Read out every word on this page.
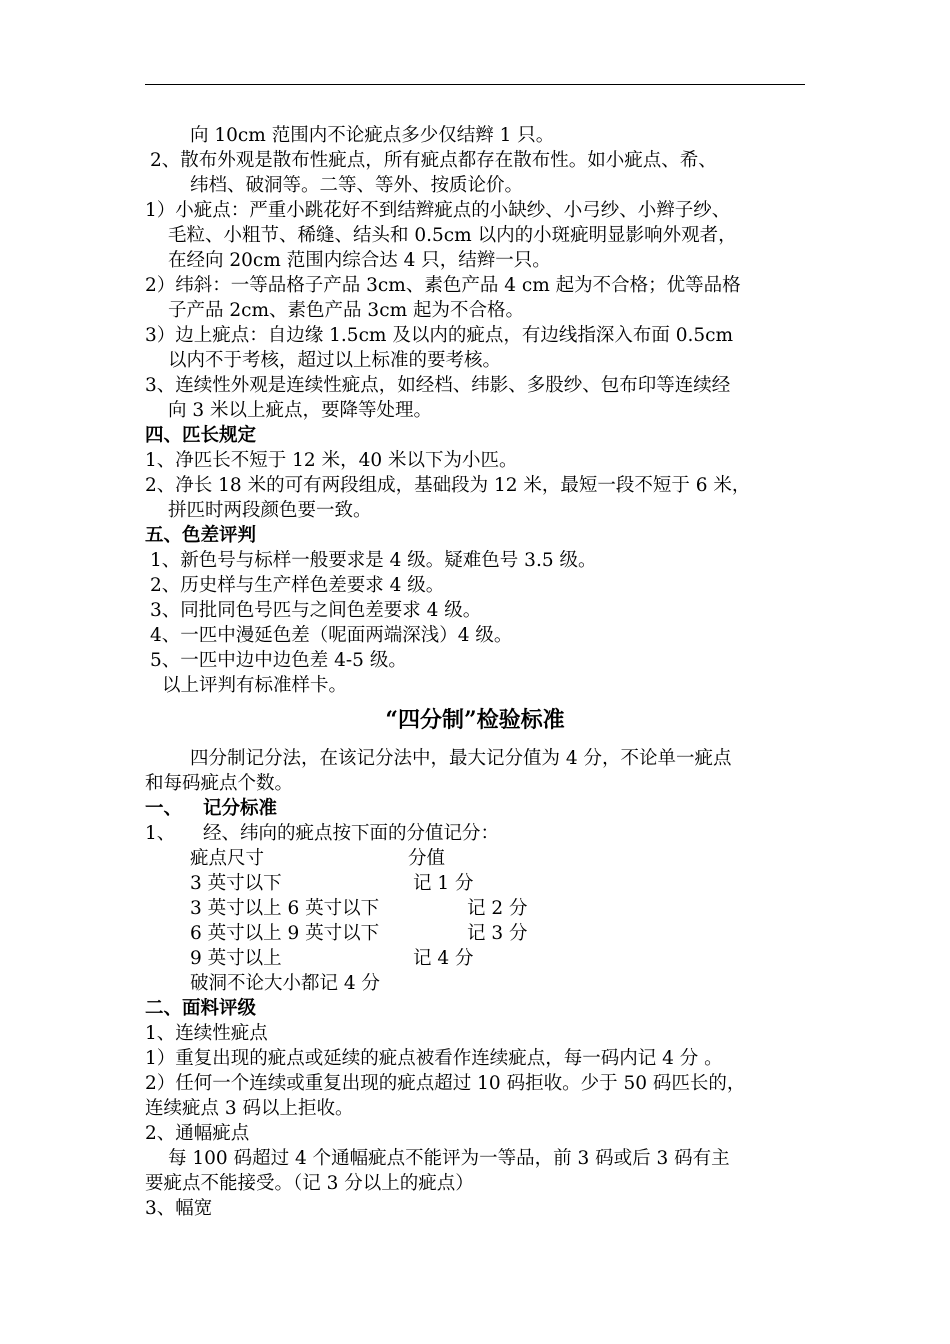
向 10cm 范围内不论疵点多少仅结辫 1 只。
2、散布外观是散布性疵点，所有疵点都存在散布性。如小疵点、希、
纬档、破洞等。二等、等外、按质论价。
1）小疵点：严重小跳花好不到结辫疵点的小缺纱、小弓纱、小辫子纱、
毛粒、小粗节、稀缝、结头和 0.5cm 以内的小斑疵明显影响外观者，
在经向 20cm 范围内综合达 4 只，结辫一只。
2）纬斜：一等品格子产品 3cm、素色产品 4 cm 起为不合格；优等品格
子产品 2cm、素色产品 3cm 起为不合格。
3）边上疵点：自边缘 1.5cm 及以内的疵点，有边线指深入布面 0.5cm
以内不于考核，超过以上标准的要考核。
3、连续性外观是连续性疵点，如经档、纬影、多股纱、包布印等连续经
向 3 米以上疵点，要降等处理。
四、匹长规定
1、净匹长不短于 12 米，40 米以下为小匹。
2、净长 18 米的可有两段组成，基础段为 12 米，最短一段不短于 6 米，
拼匹时两段颜色要一致。
五、色差评判
1、新色号与标样一般要求是 4 级。疑难色号 3.5 级。
2、历史样与生产样色差要求 4 级。
3、同批同色号匹与之间色差要求 4 级。
4、一匹中漫延色差（呢面两端深浅）4 级。
5、一匹中边中边色差 4-5 级。
以上评判有标准样卡。
“四分制”检验标准
四分制记分法，在该记分法中，最大记分值为 4 分，不论单一疵点
和每码疵点个数。
一、 记分标准
1、 经、纬向的疵点按下面的分值记分：
疵点尺寸	分值
3 英寸以下	记 1 分
3 英寸以上 6 英寸以下	记 2 分
6 英寸以上 9 英寸以下	记 3 分
9 英寸以上	记 4 分
破洞不论大小都记 4 分
二、面料评级
1、连续性疵点
1）重复出现的疵点或延续的疵点被看作连续疵点，每一码内记 4 分 。
2）任何一个连续或重复出现的疵点超过 10 码拒收。少于 50 码匹长的，
连续疵点 3 码以上拒收。
2、通幅疵点
每 100 码超过 4 个通幅疵点不能评为一等品，前 3 码或后 3 码有主
要疵点不能接受。（记 3 分以上的疵点）
3、幅宽
